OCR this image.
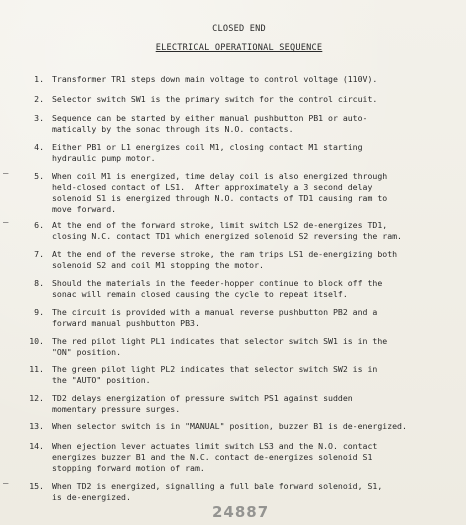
CLOSED END
ELECTRICAL OPERATIONAL SEQUENCE
1. Transformer TR1 steps down main voltage to control voltage (110V).
2. Selector switch SW1 is the primary switch for the control circuit.
3. Sequence can be started by either manual pushbutton PB1 or auto-
matically by the sonac through its N.O. contacts.
4. Either PB1 or L1 energizes coil M1, closing contact M1 starting
hydraulic pump motor.
—	5. When coil M1 is energized, time delay coil is also energized through
held-closed contact of LS1.  After approximately a 3 second delay
solenoid S1 is energized through N.O. contacts of TD1 causing ram to
move forward.
—	6. At the end of the forward stroke, limit switch LS2 de-energizes TD1,
closing N.C. contact TD1 which energized solenoid S2 reversing the ram.
7. At the end of the reverse stroke, the ram trips LS1 de-energizing both
solenoid S2 and coil M1 stopping the motor.
8. Should the materials in the feeder-hopper continue to block off the
sonac will remain closed causing the cycle to repeat itself.
9. The circuit is provided with a manual reverse pushbutton PB2 and a
forward manual pushbutton PB3.
10. The red pilot light PL1 indicates that selector switch SW1 is in the
"ON" position.
11. The green pilot light PL2 indicates that selector switch SW2 is in
the "AUTO" position.
12. TD2 delays energization of pressure switch PS1 against sudden
momentary pressure surges.
13. When selector switch is in "MANUAL" position, buzzer B1 is de-energized.
14. When ejection lever actuates limit switch LS3 and the N.O. contact
energizes buzzer B1 and the N.C. contact de-energizes solenoid S1
stopping forward motion of ram.
—	15. When TD2 is energized, signalling a full bale forward solenoid, S1,
is de-energized.
24887
